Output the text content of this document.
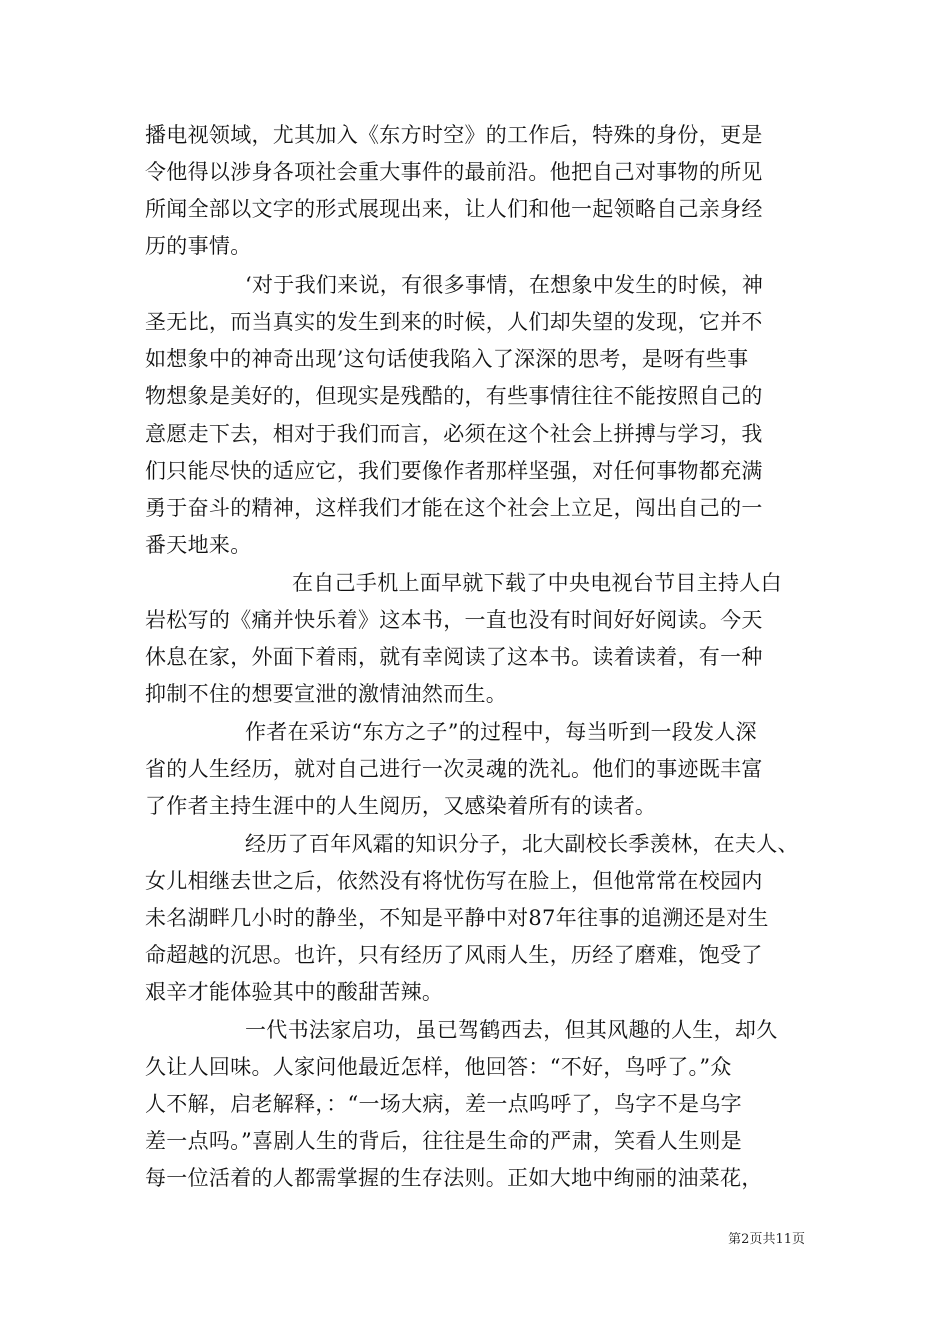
播电视领域，尤其加入《东方时空》的工作后，特殊的身份，更是
令他得以涉身各项社会重大事件的最前沿。他把自己对事物的所见
所闻全部以文字的形式展现出来，让人们和他一起领略自己亲身经
历的事情。
‘对于我们来说，有很多事情，在想象中发生的时候，神
圣无比，而当真实的发生到来的时候，人们却失望的发现，它并不
如想象中的神奇出现’这句话使我陷入了深深的思考，是呀有些事
物想象是美好的，但现实是残酷的，有些事情往往不能按照自己的
意愿走下去，相对于我们而言，必须在这个社会上拼搏与学习，我
们只能尽快的适应它，我们要像作者那样坚强，对任何事物都充满
勇于奋斗的精神，这样我们才能在这个社会上立足，闯出自己的一
番天地来。
在自己手机上面早就下载了中央电视台节目主持人白
岩松写的《痛并快乐着》这本书，一直也没有时间好好阅读。今天
休息在家，外面下着雨，就有幸阅读了这本书。读着读着，有一种
抑制不住的想要宣泄的激情油然而生。
作者在采访“东方之子”的过程中，每当听到一段发人深
省的人生经历，就对自己进行一次灵魂的洗礼。他们的事迹既丰富
了作者主持生涯中的人生阅历，又感染着所有的读者。
经历了百年风霜的知识分子，北大副校长季羡林，在夫人、
女儿相继去世之后，依然没有将忧伤写在脸上，但他常常在校园内
未名湖畔几小时的静坐，不知是平静中对87年往事的追溯还是对生
命超越的沉思。也许，只有经历了风雨人生，历经了磨难，饱受了
艰辛才能体验其中的酸甜苦辣。
一代书法家启功，虽已驾鹤西去，但其风趣的人生，却久
久让人回味。人家问他最近怎样，他回答：“不好，鸟呼了。”众
人不解，启老解释，：“一场大病，差一点呜呼了，鸟字不是乌字
差一点吗。”喜剧人生的背后，往往是生命的严肃，笑看人生则是
每一位活着的人都需掌握的生存法则。正如大地中绚丽的油菜花，
第2页共11页
